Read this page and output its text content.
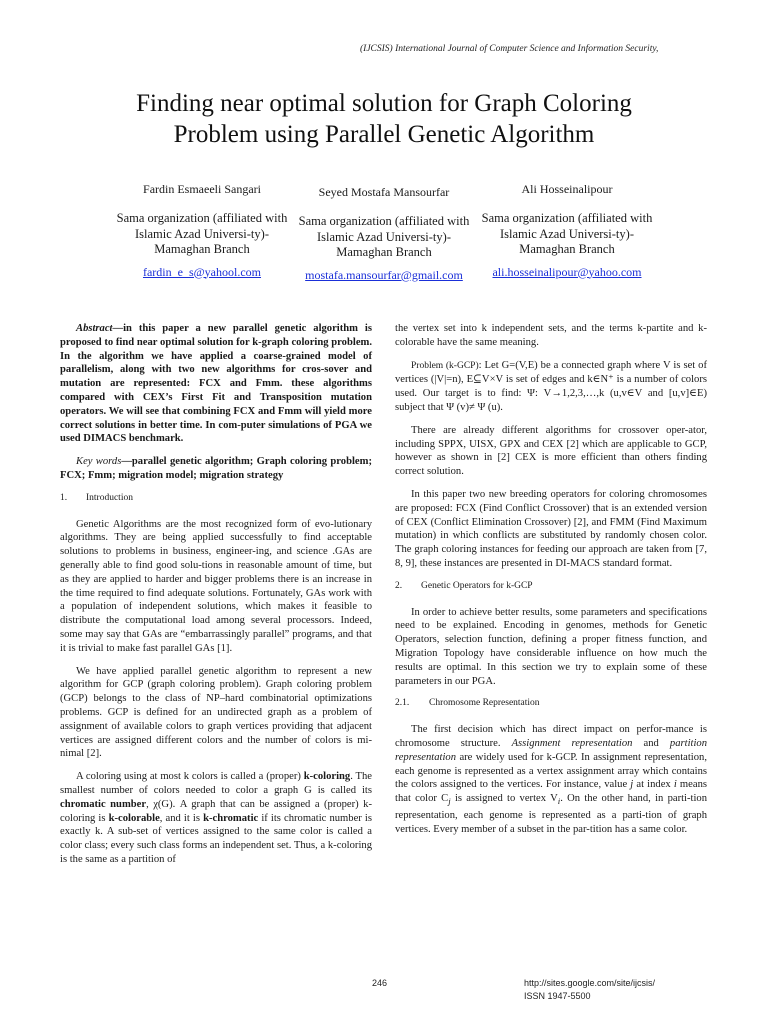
(IJCSIS) International Journal of Computer Science and Information Security,
Finding near optimal solution for Graph Coloring
Problem using Parallel Genetic Algorithm
Fardin Esmaeeli Sangari
Sama organization (affiliated with Islamic Azad Universi-ty)-Mamaghan Branch
fardin_e_s@yahool.com
Seyed Mostafa Mansourfar
Sama organization (affiliated with Islamic Azad Universi-ty)-Mamaghan Branch
mostafa.mansourfar@gmail.com
Ali Hosseinalipour
Sama organization (affiliated with Islamic Azad Universi-ty)-Mamaghan Branch
ali.hosseinalipour@yahoo.com

Abstract—in this paper a new parallel genetic algorithm is proposed to find near optimal solution for k-graph coloring problem. In the algorithm we have applied a coarse-grained model of parallelism, along with two new algorithms for cros-sover and mutation are represented: FCX and Fmm. these algorithms compared with CEX’s First Fit and Transposition mutation operators. We will see that combining FCX and Fmm will yield more correct solutions in better time. In com-puter simulations of PGA we used DIMACS benchmark.

Key words—parallel genetic algorithm; Graph coloring problem; FCX; Fmm; migration model; migration strategy

1. Introduction

Genetic Algorithms are the most recognized form of evo-lutionary algorithms. They are being applied successfully to find acceptable solutions to problems in business, engineer-ing, and science .GAs are generally able to find good solu-tions in reasonable amount of time, but as they are applied to harder and bigger problems there is an increase in the time required to find adequate solutions. Fortunately, GAs work with a population of independent solutions, which makes it feasible to distribute the computational load among several processors. Indeed, some may say that GAs are “embarrassingly parallel” programs, and that it is trivial to make fast parallel GAs [1].

We have applied parallel genetic algorithm to represent a new algorithm for GCP (graph coloring problem). Graph coloring problem (GCP) belongs to the class of NP–hard combinatorial optimizations problems. GCP is defined for an undirected graph as a problem of assignment of available colors to graph vertices providing that adjacent vertices are assigned different colors and the number of colors is mi-nimal [2].

A coloring using at most k colors is called a (proper) k-coloring. The smallest number of colors needed to color a graph G is called its chromatic number, χ(G). A graph that can be assigned a (proper) k-coloring is k-colorable, and it is k-chromatic if its chromatic number is exactly k. A sub-set of vertices assigned to the same color is called a color class; every such class forms an independent set. Thus, a k-coloring is the same as a partition of

the vertex set into k independent sets, and the terms k-partite and k-colorable have the same meaning.

Problem (k-GCP): Let G=(V,E) be a connected graph where V is set of vertices (|V|=n), E⊆V×V is set of edges and k∈N⁺ is a number of colors used. Our target is to find: Ψ: V→1,2,3,…,k (u,v∈V and [u,v]∈E) subject that Ψ (v)≠ Ψ (u).

There are already different algorithms for crossover oper-ator, including SPPX, UISX, GPX and CEX [2] which are applicable to GCP, however as shown in [2] CEX is more efficient than others finding correct solution.

In this paper two new breeding operators for coloring chromosomes are proposed: FCX (Find Conflict Crossover) that is an extended version of CEX (Conflict Elimination Crossover) [2], and FMM (Find Maximum mutation) in which conflicts are substituted by randomly chosen color. The graph coloring instances for feeding our approach are taken from [7, 8, 9], these instances are presented in DI-MACS standard format.

2. Genetic Operators for k-GCP

In order to achieve better results, some parameters and specifications need to be explained. Encoding in genomes, methods for Genetic Operators, selection function, defining a proper fitness function, and Migration Topology have considerable influence on how much the results are optimal. In this section we try to explain some of these parameters in our PGA.

2.1. Chromosome Representation

The first decision which has direct impact on perfor-mance is chromosome structure. Assignment representation and partition representation are widely used for k-GCP. In assignment representation, each genome is represented as a vertex assignment array which contains the colors assigned to the vertices. For instance, value j at index i means that color $C_j$ is assigned to vertex $V_i$. On the other hand, in parti-tion representation, each genome is represented as a parti-tion of graph vertices. Every member of a subset in the par-tition has a same color.

246	http://sites.google.com/site/ijcsis/
ISSN 1947-5500
